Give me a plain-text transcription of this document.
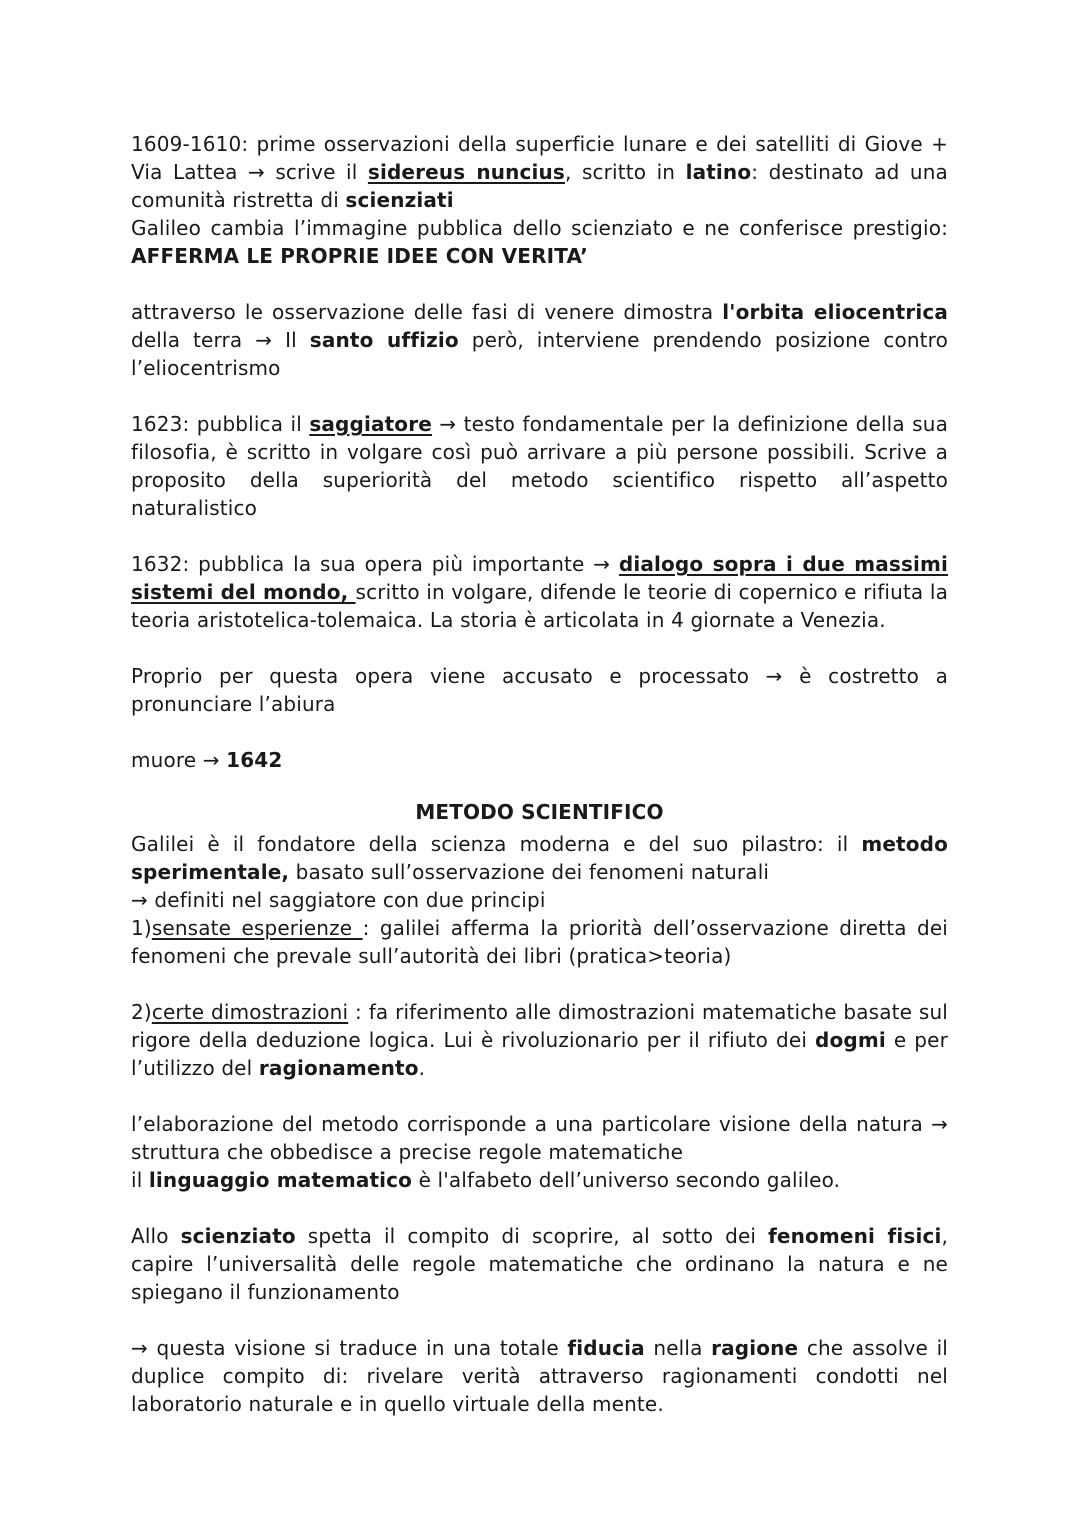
1609-1610: prime osservazioni della superficie lunare e dei satelliti di Giove + Via Lattea → scrive il sidereus nuncius, scritto in latino: destinato ad una comunità ristretta di scienziati

Galileo cambia l’immagine pubblica dello scienziato e ne conferisce prestigio: AFFERMA LE PROPRIE IDEE CON VERITA’

attraverso le osservazione delle fasi di venere dimostra l'orbita eliocentrica della terra → Il santo uffizio però, interviene prendendo posizione contro l’eliocentrismo

1623: pubblica il saggiatore → testo fondamentale per la definizione della sua filosofia, è scritto in volgare così può arrivare a più persone possibili. Scrive a proposito della superiorità del metodo scientifico rispetto all’aspetto naturalistico

1632: pubblica la sua opera più importante → dialogo sopra i due massimi sistemi del mondo, scritto in volgare, difende le teorie di copernico e rifiuta la teoria aristotelica-tolemaica. La storia è articolata in 4 giornate a Venezia.

Proprio per questa opera viene accusato e processato → è costretto a pronunciare l’abiura

muore → 1642

METODO SCIENTIFICO

Galilei è il fondatore della scienza moderna e del suo pilastro: il metodo sperimentale, basato sull’osservazione dei fenomeni naturali

→ definiti nel saggiatore con due principi

1)sensate esperienze : galilei afferma la priorità dell’osservazione diretta dei fenomeni che prevale sull’autorità dei libri (pratica>teoria)

2)certe dimostrazioni : fa riferimento alle dimostrazioni matematiche basate sul rigore della deduzione logica. Lui è rivoluzionario per il rifiuto dei dogmi e per l’utilizzo del ragionamento.

l’elaborazione del metodo corrisponde a una particolare visione della natura → struttura che obbedisce a precise regole matematiche

il linguaggio matematico è l'alfabeto dell’universo secondo galileo.

Allo scienziato spetta il compito di scoprire, al sotto dei fenomeni fisici, capire l’universalità delle regole matematiche che ordinano la natura e ne spiegano il funzionamento

→ questa visione si traduce in una totale fiducia nella ragione che assolve il duplice compito di: rivelare verità attraverso ragionamenti condotti nel laboratorio naturale e in quello virtuale della mente.
